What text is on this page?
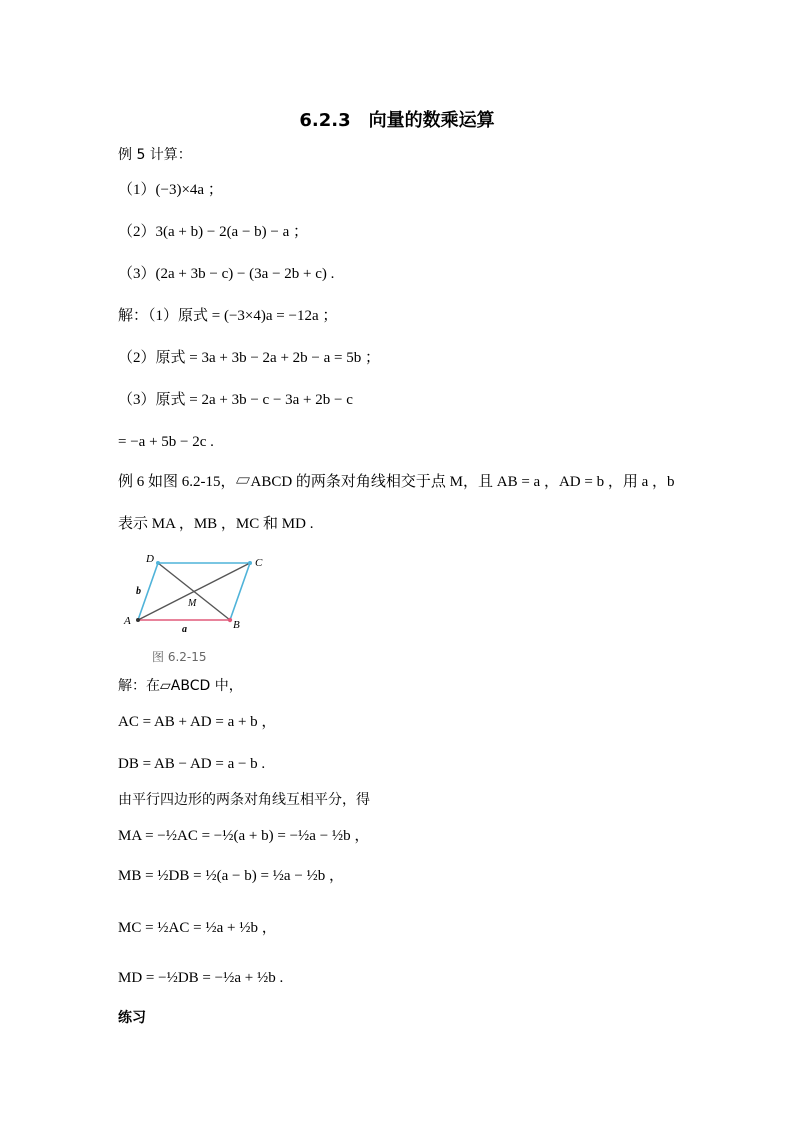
6.2.3　向量的数乘运算
例 5 计算：
（1）(−3)×4a ；
（2）3(a + b) − 2(a − b) − a ；
（3）(2a + 3b − c) − (3a − 2b + c) .
解：（1）原式 = (−3×4)a = −12a ；
（2）原式 = 3a + 3b − 2a + 2b − a = 5b ；
（3）原式 = 2a + 3b − c − 3a + 2b − c
= −a + 5b − 2c .
例 6 如图 6.2-15，▱ABCD 的两条对角线相交于点 M，且 AB = a ，AD = b ，用 a ，b
表示 MA ，MB ，MC 和 MD .
A	B
C
D
M
a
b
图 6.2-15
解：在▱ABCD 中，
AC = AB + AD = a + b ，
DB = AB − AD = a − b .
由平行四边形的两条对角线互相平分，得
MA = −½AC = −½(a + b) = −½a − ½b ，
MB = ½DB = ½(a − b) = ½a − ½b ，
MC = ½AC = ½a + ½b ，
MD = −½DB = −½a + ½b .
练习
